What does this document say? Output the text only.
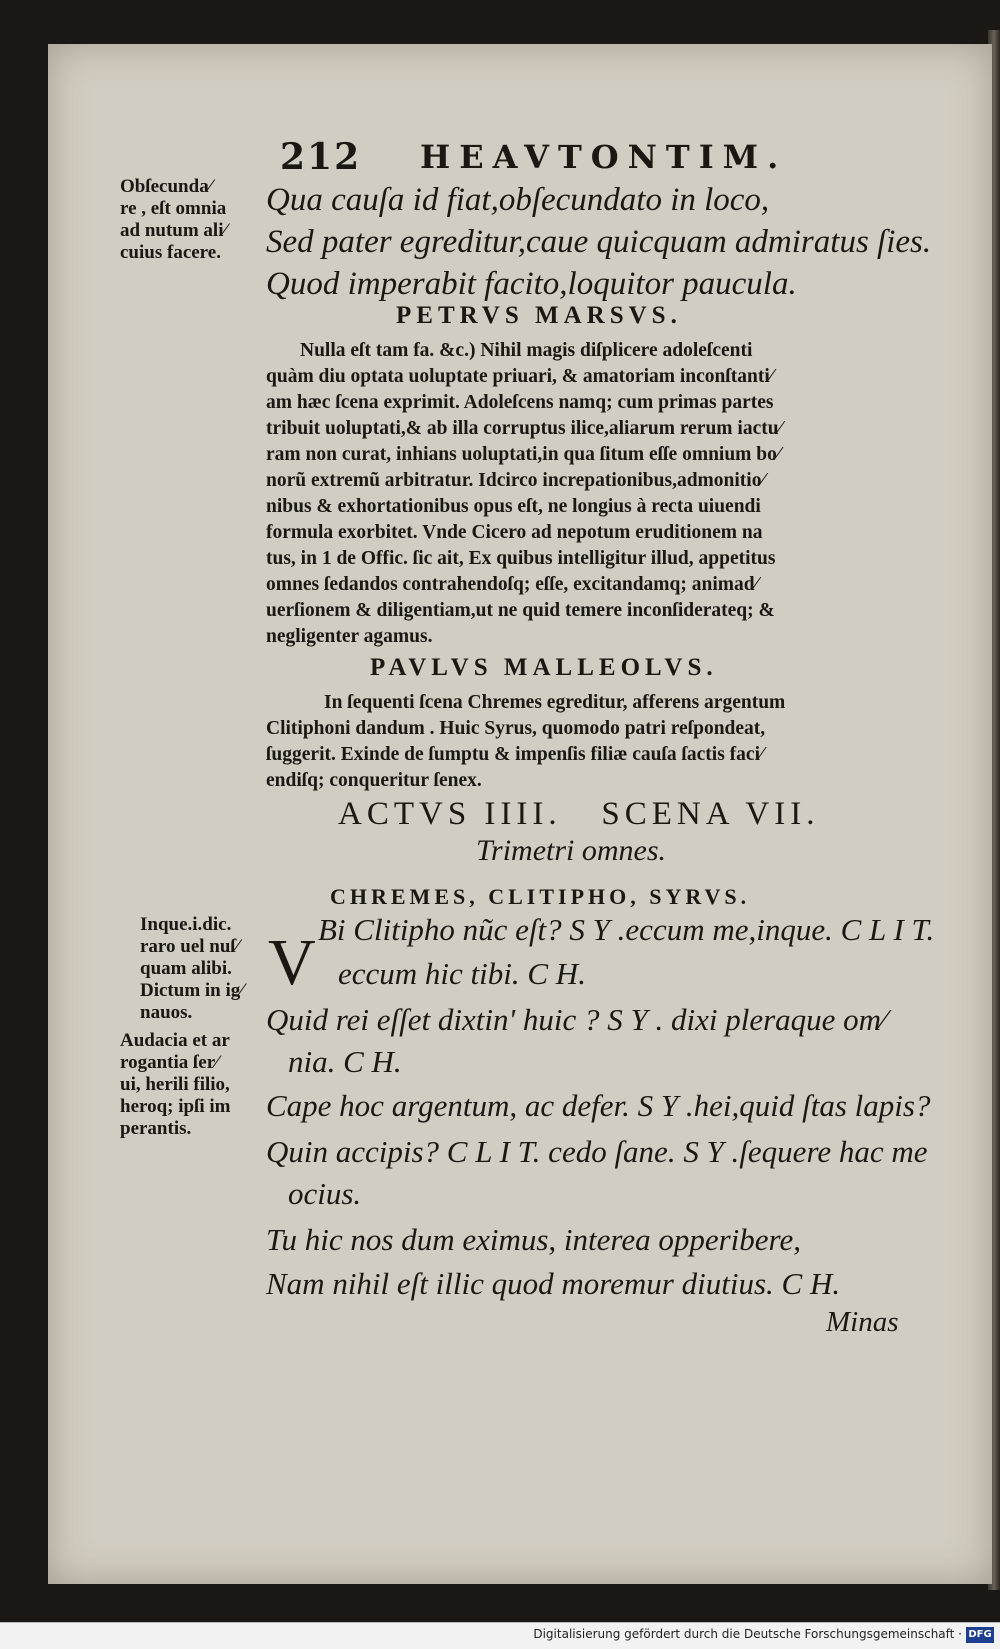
212 HEAVTONTIM.
Obſecunda⁄
re , eſt omnia
ad nutum ali⁄
cuius facere.
Qua cauſa id fiat,obſecundato in loco,
Sed pater egreditur,caue quicquam admiratus ſies.
Quod imperabit facito,loquitor paucula.
PETRVS MARSVS.
Nulla eſt tam fa. &c.) Nihil magis diſplicere adoleſcenti
quàm diu optata uoluptate priuari, & amatoriam inconſtanti⁄
am hæc ſcena exprimit. Adoleſcens namq; cum primas partes
tribuit uoluptati,& ab illa corruptus ilice,aliarum rerum iactu⁄
ram non curat, inhians uoluptati,in qua ſitum eſſe omnium bo⁄
norũ extremũ arbitratur. Idcirco increpationibus,admonitio⁄
nibus & exhortationibus opus eſt, ne longius à recta uiuendi
formula exorbitet. Vnde Cicero ad nepotum eruditionem na
tus, in 1 de Offic. ſic ait, Ex quibus intelligitur illud, appetitus
omnes ſedandos contrahendoſq; eſſe, excitandamq; animad⁄
uerſionem & diligentiam,ut ne quid temere inconſiderateq; &
negligenter agamus.
PAVLVS MALLEOLVS.
In ſequenti ſcena Chremes egreditur, afferens argentum
Clitiphoni dandum . Huic Syrus, quomodo patri reſpondeat,
ſuggerit. Exinde de ſumptu & impenſis filiæ cauſa ſactis faci⁄
endiſq; conqueritur ſenex.
ACTVS IIII.   SCENA VII.
Trimetri omnes.
CHREMES, CLITIPHO, SYRVS.
Inque.i.dic.
raro uel nuſ⁄
quam alibi.
Dictum in ig⁄
nauos.
Audacia et ar
rogantia ſer⁄
ui, herili filio,
heroq; ipſi im
perantis.
V Bi Clitipho nũc eſt? S Y .eccum me,inque. C L I T.
eccum hic tibi. C H.
Quid rei eſſet dixtin' huic ? S Y . dixi pleraque om⁄
nia. C H.
Cape hoc argentum, ac defer. S Y .hei,quid ſtas lapis?
Quin accipis? C L I T. cedo ſane. S Y .ſequere hac me
ocius.
Tu hic nos dum eximus, interea opperibere,
Nam nihil eſt illic quod moremur diutius. C H.
Minas
Digitalisierung gefördert durch die Deutsche Forschungsgemeinschaft · DFG
